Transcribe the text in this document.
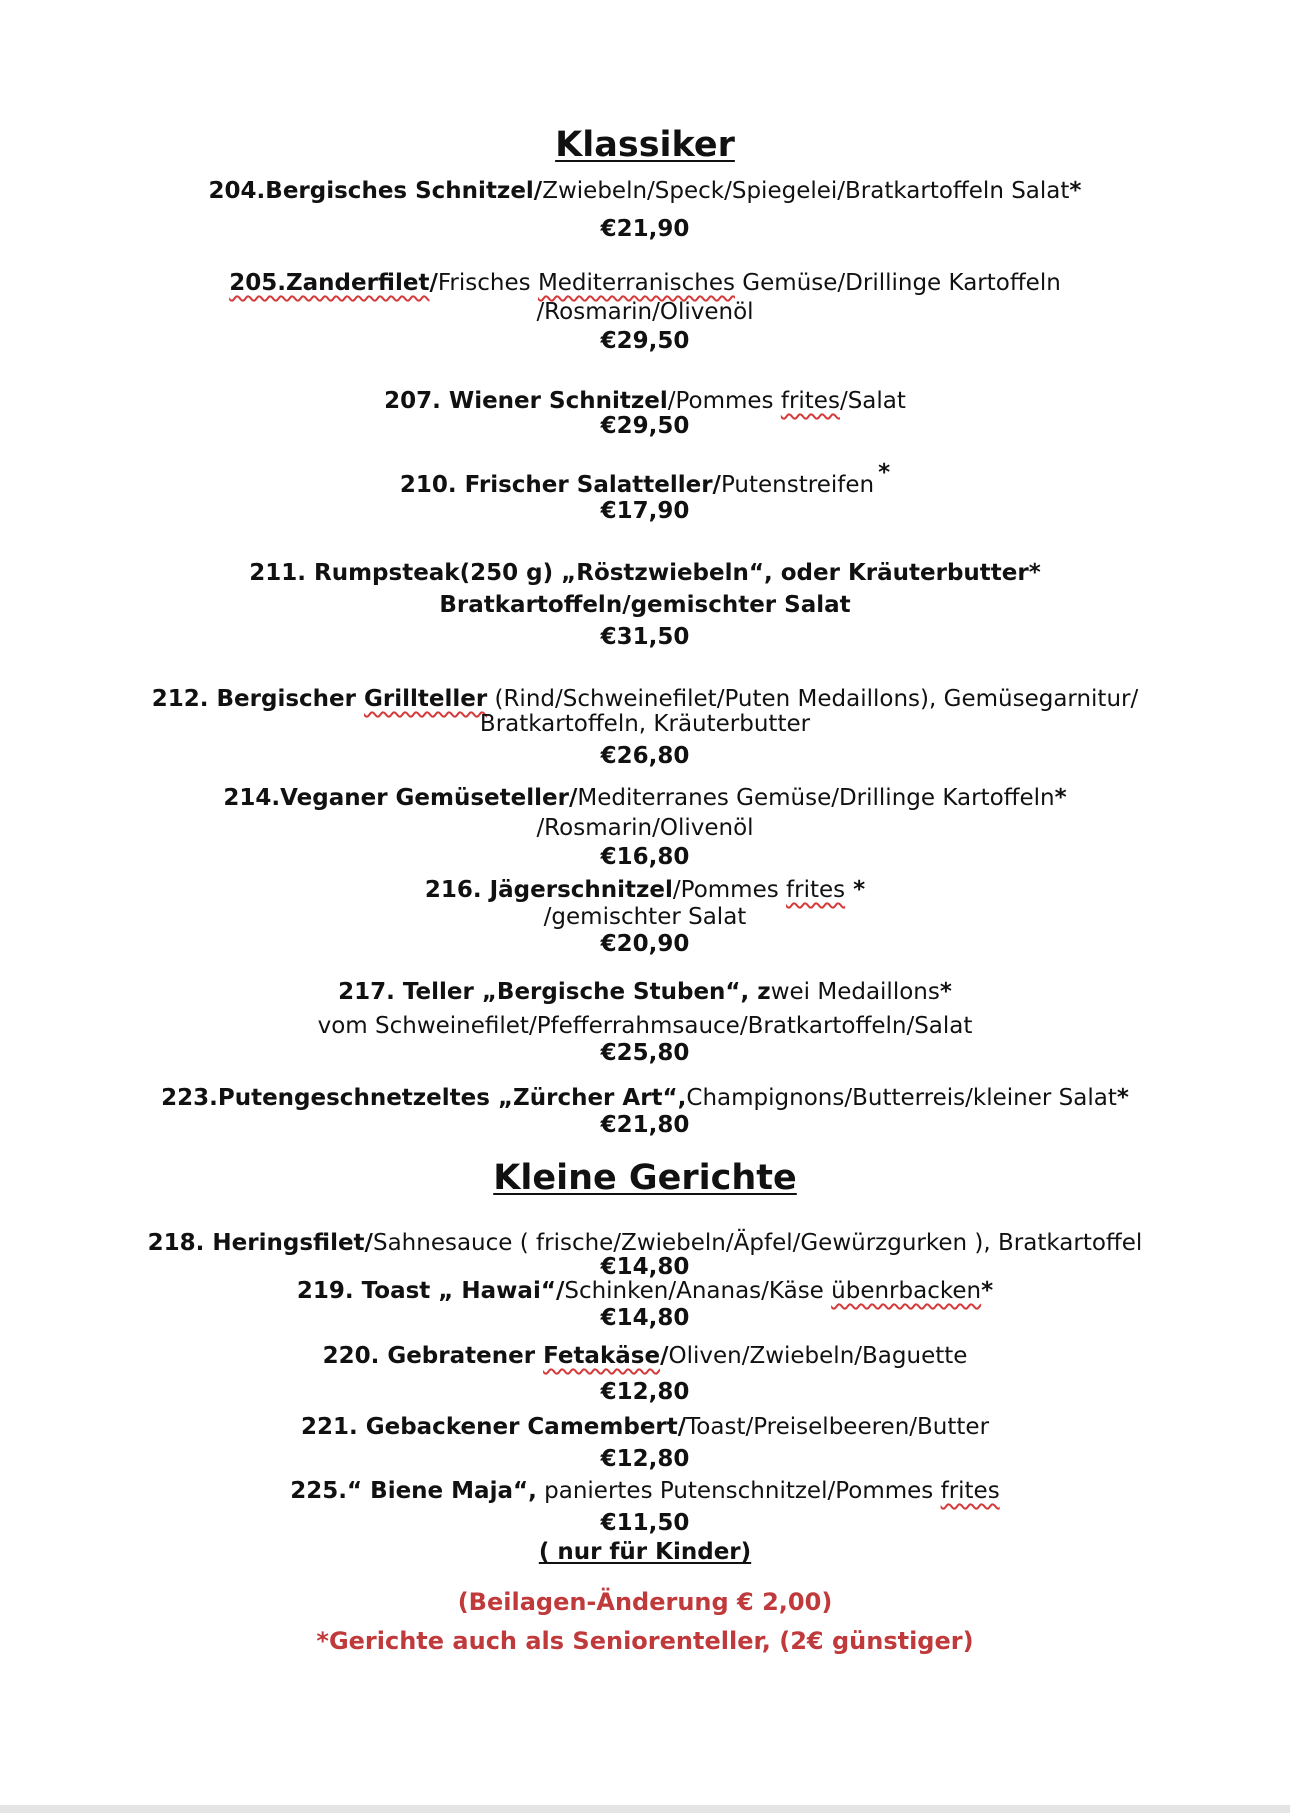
Klassiker
204.Bergisches Schnitzel/Zwiebeln/Speck/Spiegelei/Bratkartoffeln Salat*
€21,90
205.Zanderfilet/Frisches Mediterranisches Gemüse/Drillinge Kartoffeln
/Rosmarin/Olivenöl
€29,50
207. Wiener Schnitzel/Pommes frites/Salat
€29,50
210. Frischer Salatteller/Putenstreifen *
€17,90
211. Rumpsteak(250 g) „Röstzwiebeln“, oder Kräuterbutter*
Bratkartoffeln/gemischter Salat
€31,50
212. Bergischer Grillteller (Rind/Schweinefilet/Puten Medaillons), Gemüsegarnitur/
Bratkartoffeln, Kräuterbutter
€26,80
214.Veganer Gemüseteller/Mediterranes Gemüse/Drillinge Kartoffeln*
/Rosmarin/Olivenöl
€16,80
216. Jägerschnitzel/Pommes frites *
/gemischter Salat
€20,90
217. Teller „Bergische Stuben“, zwei Medaillons*
vom Schweinefilet/Pfefferrahmsauce/Bratkartoffeln/Salat
€25,80
223.Putengeschnetzeltes „Zürcher Art“,Champignons/Butterreis/kleiner Salat*
€21,80
Kleine Gerichte
218. Heringsfilet/Sahnesauce ( frische/Zwiebeln/Äpfel/Gewürzgurken ), Bratkartoffel
€14,80
219. Toast „ Hawai“/Schinken/Ananas/Käse übenrbacken*
€14,80
220. Gebratener Fetakäse/Oliven/Zwiebeln/Baguette
€12,80
221. Gebackener Camembert/Toast/Preiselbeeren/Butter
€12,80
225.“ Biene Maja“, paniertes Putenschnitzel/Pommes frites
€11,50
( nur für Kinder)
(Beilagen-Änderung € 2,00)
*Gerichte auch als Seniorenteller, (2€ günstiger)
